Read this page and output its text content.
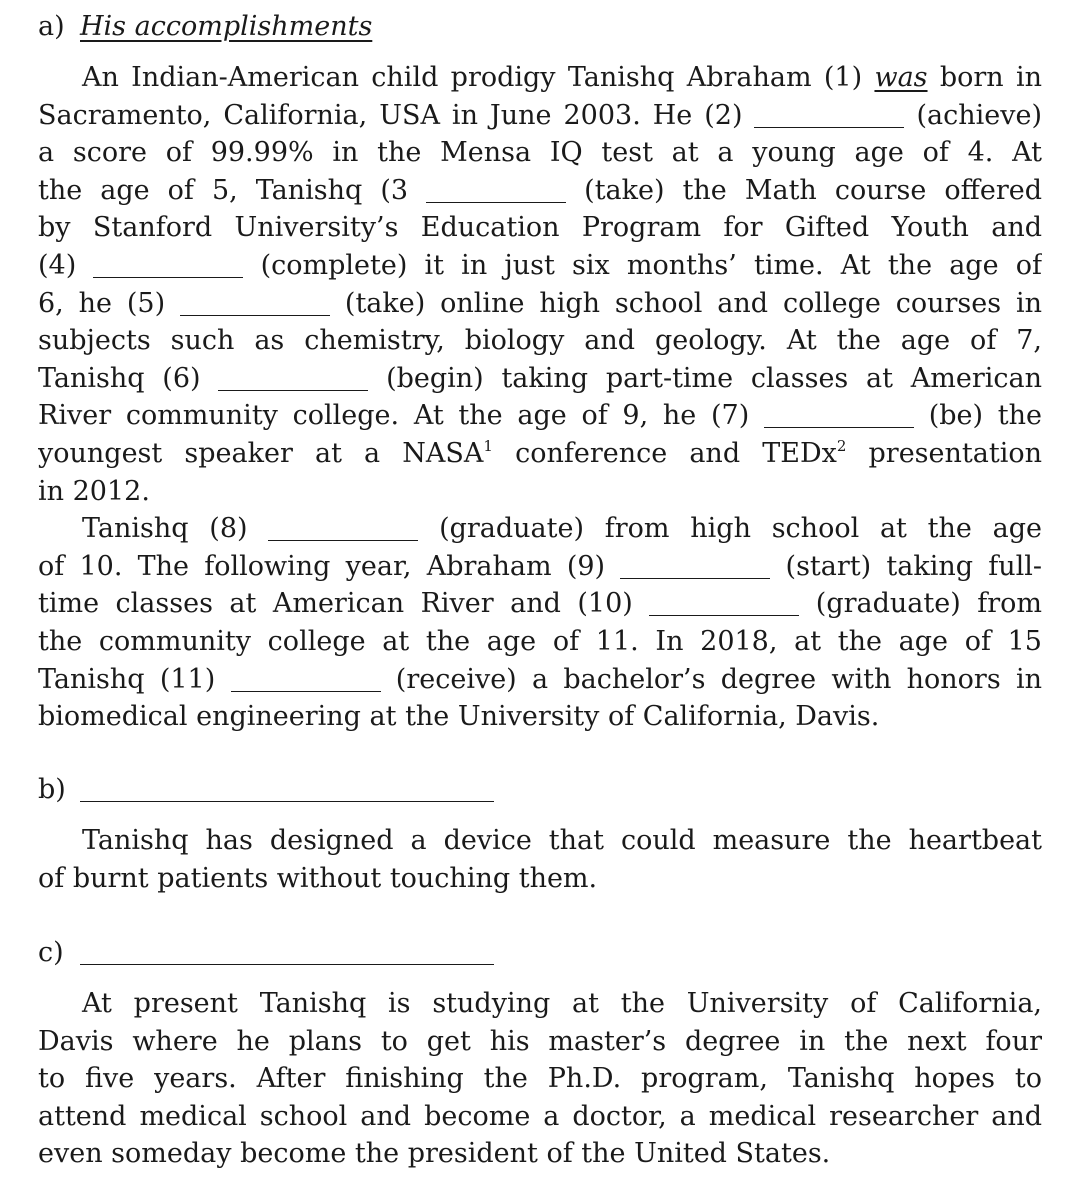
a) His accomplishments
An Indian-American child prodigy Tanishq Abraham (1) was born in
Sacramento, California, USA in June 2003. He (2)	(achieve)
a score of 99.99% in the Mensa IQ test at a young age of 4. At
the age of 5, Tanishq (3	(take) the Math course offered
by Stanford University’s Education Program for Gifted Youth and
(4)	(complete) it in just six months’ time. At the age of
6, he (5)	(take) online high school and college courses in
subjects such as chemistry, biology and geology. At the age of 7,
Tanishq (6)	(begin) taking part-time classes at American
River community college. At the age of 9, he (7)	(be) the
youngest speaker at a NASA$^1$ conference and TEDx$^2$ presentation
in 2012.
Tanishq (8)	(graduate) from high school at the age
of 10. The following year, Abraham (9)	(start) taking full-
time classes at American River and (10)	(graduate) from
the community college at the age of 11. In 2018, at the age of 15
Tanishq (11)	(receive) a bachelor’s degree with honors in
biomedical engineering at the University of California, Davis.
b)
Tanishq has designed a device that could measure the heartbeat
of burnt patients without touching them.
c)
At present Tanishq is studying at the University of California,
Davis where he plans to get his master’s degree in the next four
to five years. After finishing the Ph.D. program, Tanishq hopes to
attend medical school and become a doctor, a medical researcher and
even someday become the president of the United States.
